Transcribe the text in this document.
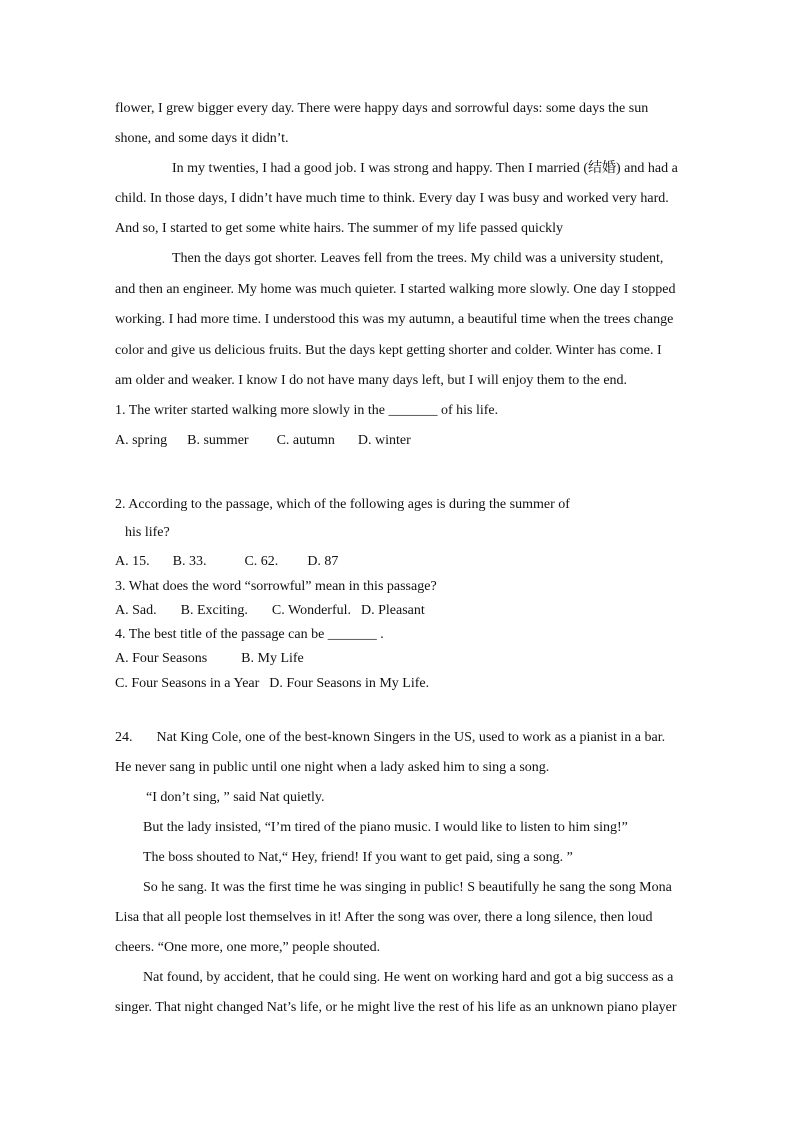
flower, I grew bigger every day. There were happy days and sorrowful days: some days the sun
shone, and some days it didn’t.
In my twenties, I had a good job. I was strong and happy. Then I married (结婚) and had a
child. In those days, I didn’t have much time to think. Every day I was busy and worked very hard.
And so, I started to get some white hairs. The summer of my life passed quickly
Then the days got shorter. Leaves fell from the trees. My child was a university student,
and then an engineer. My home was much quieter. I started walking more slowly. One day I stopped
working. I had more time. I understood this was my autumn, a beautiful time when the trees change
color and give us delicious fruits. But the days kept getting shorter and colder. Winter has come. I
am older and weaker. I know I do not have many days left, but I will enjoy them to the end.
1. The writer started walking more slowly in the _______ of his life.
A. spring B. summer C. autumn D. winter
2. According to the passage, which of the following ages is during the summer of
his life?
A. 15. B. 33.	C. 62. D. 87
3. What does the word “sorrowful” mean in this passage?
A. Sad. B. Exciting. C. Wonderful. D. Pleasant
4. The best title of the passage can be _______ .
A. Four Seasons B. My Life
C. Four Seasons in a Year D. Four Seasons in My Life.
24. Nat King Cole, one of the best-known Singers in the US, used to work as a pianist in a bar.
He never sang in public until one night when a lady asked him to sing a song.
“I don’t sing, ” said Nat quietly.
But the lady insisted, “I’m tired of the piano music. I would like to listen to him sing!”
The boss shouted to Nat,“ Hey, friend! If you want to get paid, sing a song. ”
So he sang. It was the first time he was singing in public! S beautifully he sang the song Mona
Lisa that all people lost themselves in it! After the song was over, there a long silence, then loud
cheers. “One more, one more,” people shouted.
Nat found, by accident, that he could sing. He went on working hard and got a big success as a
singer. That night changed Nat’s life, or he might live the rest of his life as an unknown piano player
